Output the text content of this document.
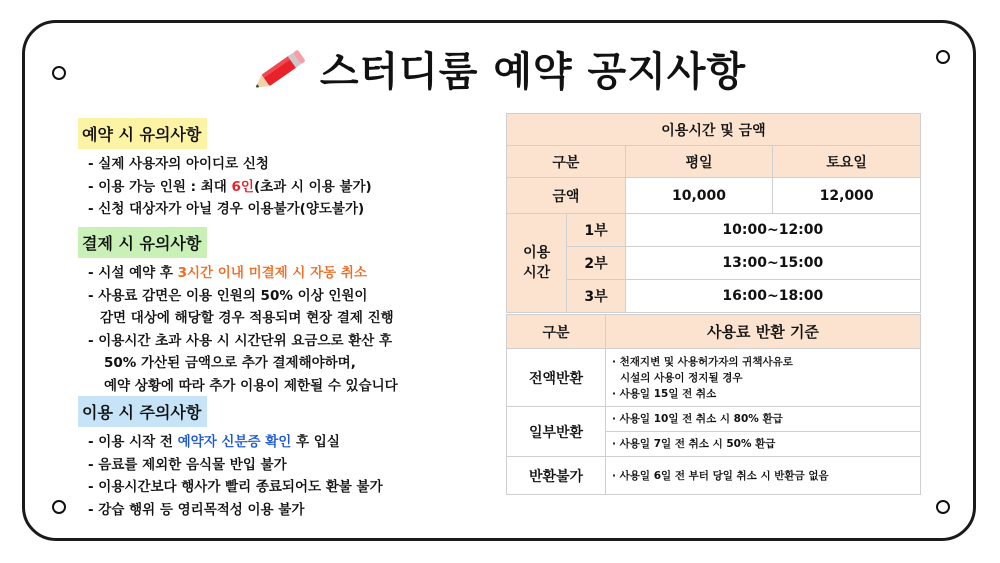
스터디룸 예약 공지사항
예약 시 유의사항
- 실제 사용자의 아이디로 신청
- 이용 가능 인원 : 최대 6인(초과 시 이용 불가)
- 신청 대상자가 아닐 경우 이용불가(양도불가)
결제 시 유의사항
- 시설 예약 후 3시간 이내 미결제 시 자동 취소
- 사용료 감면은 이용 인원의 50% 이상 인원이
감면 대상에 해당할 경우 적용되며 현장 결제 진행
- 이용시간 초과 사용 시 시간단위 요금으로 환산 후
50% 가산된 금액으로 추가 결제해야하며,
예약 상황에 따라 추가 이용이 제한될 수 있습니다
이용 시 주의사항
- 이용 시작 전 예약자 신분증 확인 후 입실
- 음료를 제외한 음식물 반입 불가
- 이용시간보다 행사가 빨리 종료되어도 환불 불가
- 강습 행위 등 영리목적성 이용 불가
이용시간 및 금액			
구분		평일	토요일
금액		10,000	12,000
이용
시간	1부	10:00~12:00	
	2부	13:00~15:00	
	3부	16:00~18:00	
구분	사용료 반환 기준
전액반환	· 천재지변 및 사용허가자의 귀책사유로
시설의 사용이 정지될 경우
· 사용일 15일 전 취소

일부반환	· 사용일 10일 전 취소 시 80% 환급
	· 사용일 7일 전 취소 시 50% 환급
반환불가	· 사용일 6일 전 부터 당일 취소 시 반환금 없음
